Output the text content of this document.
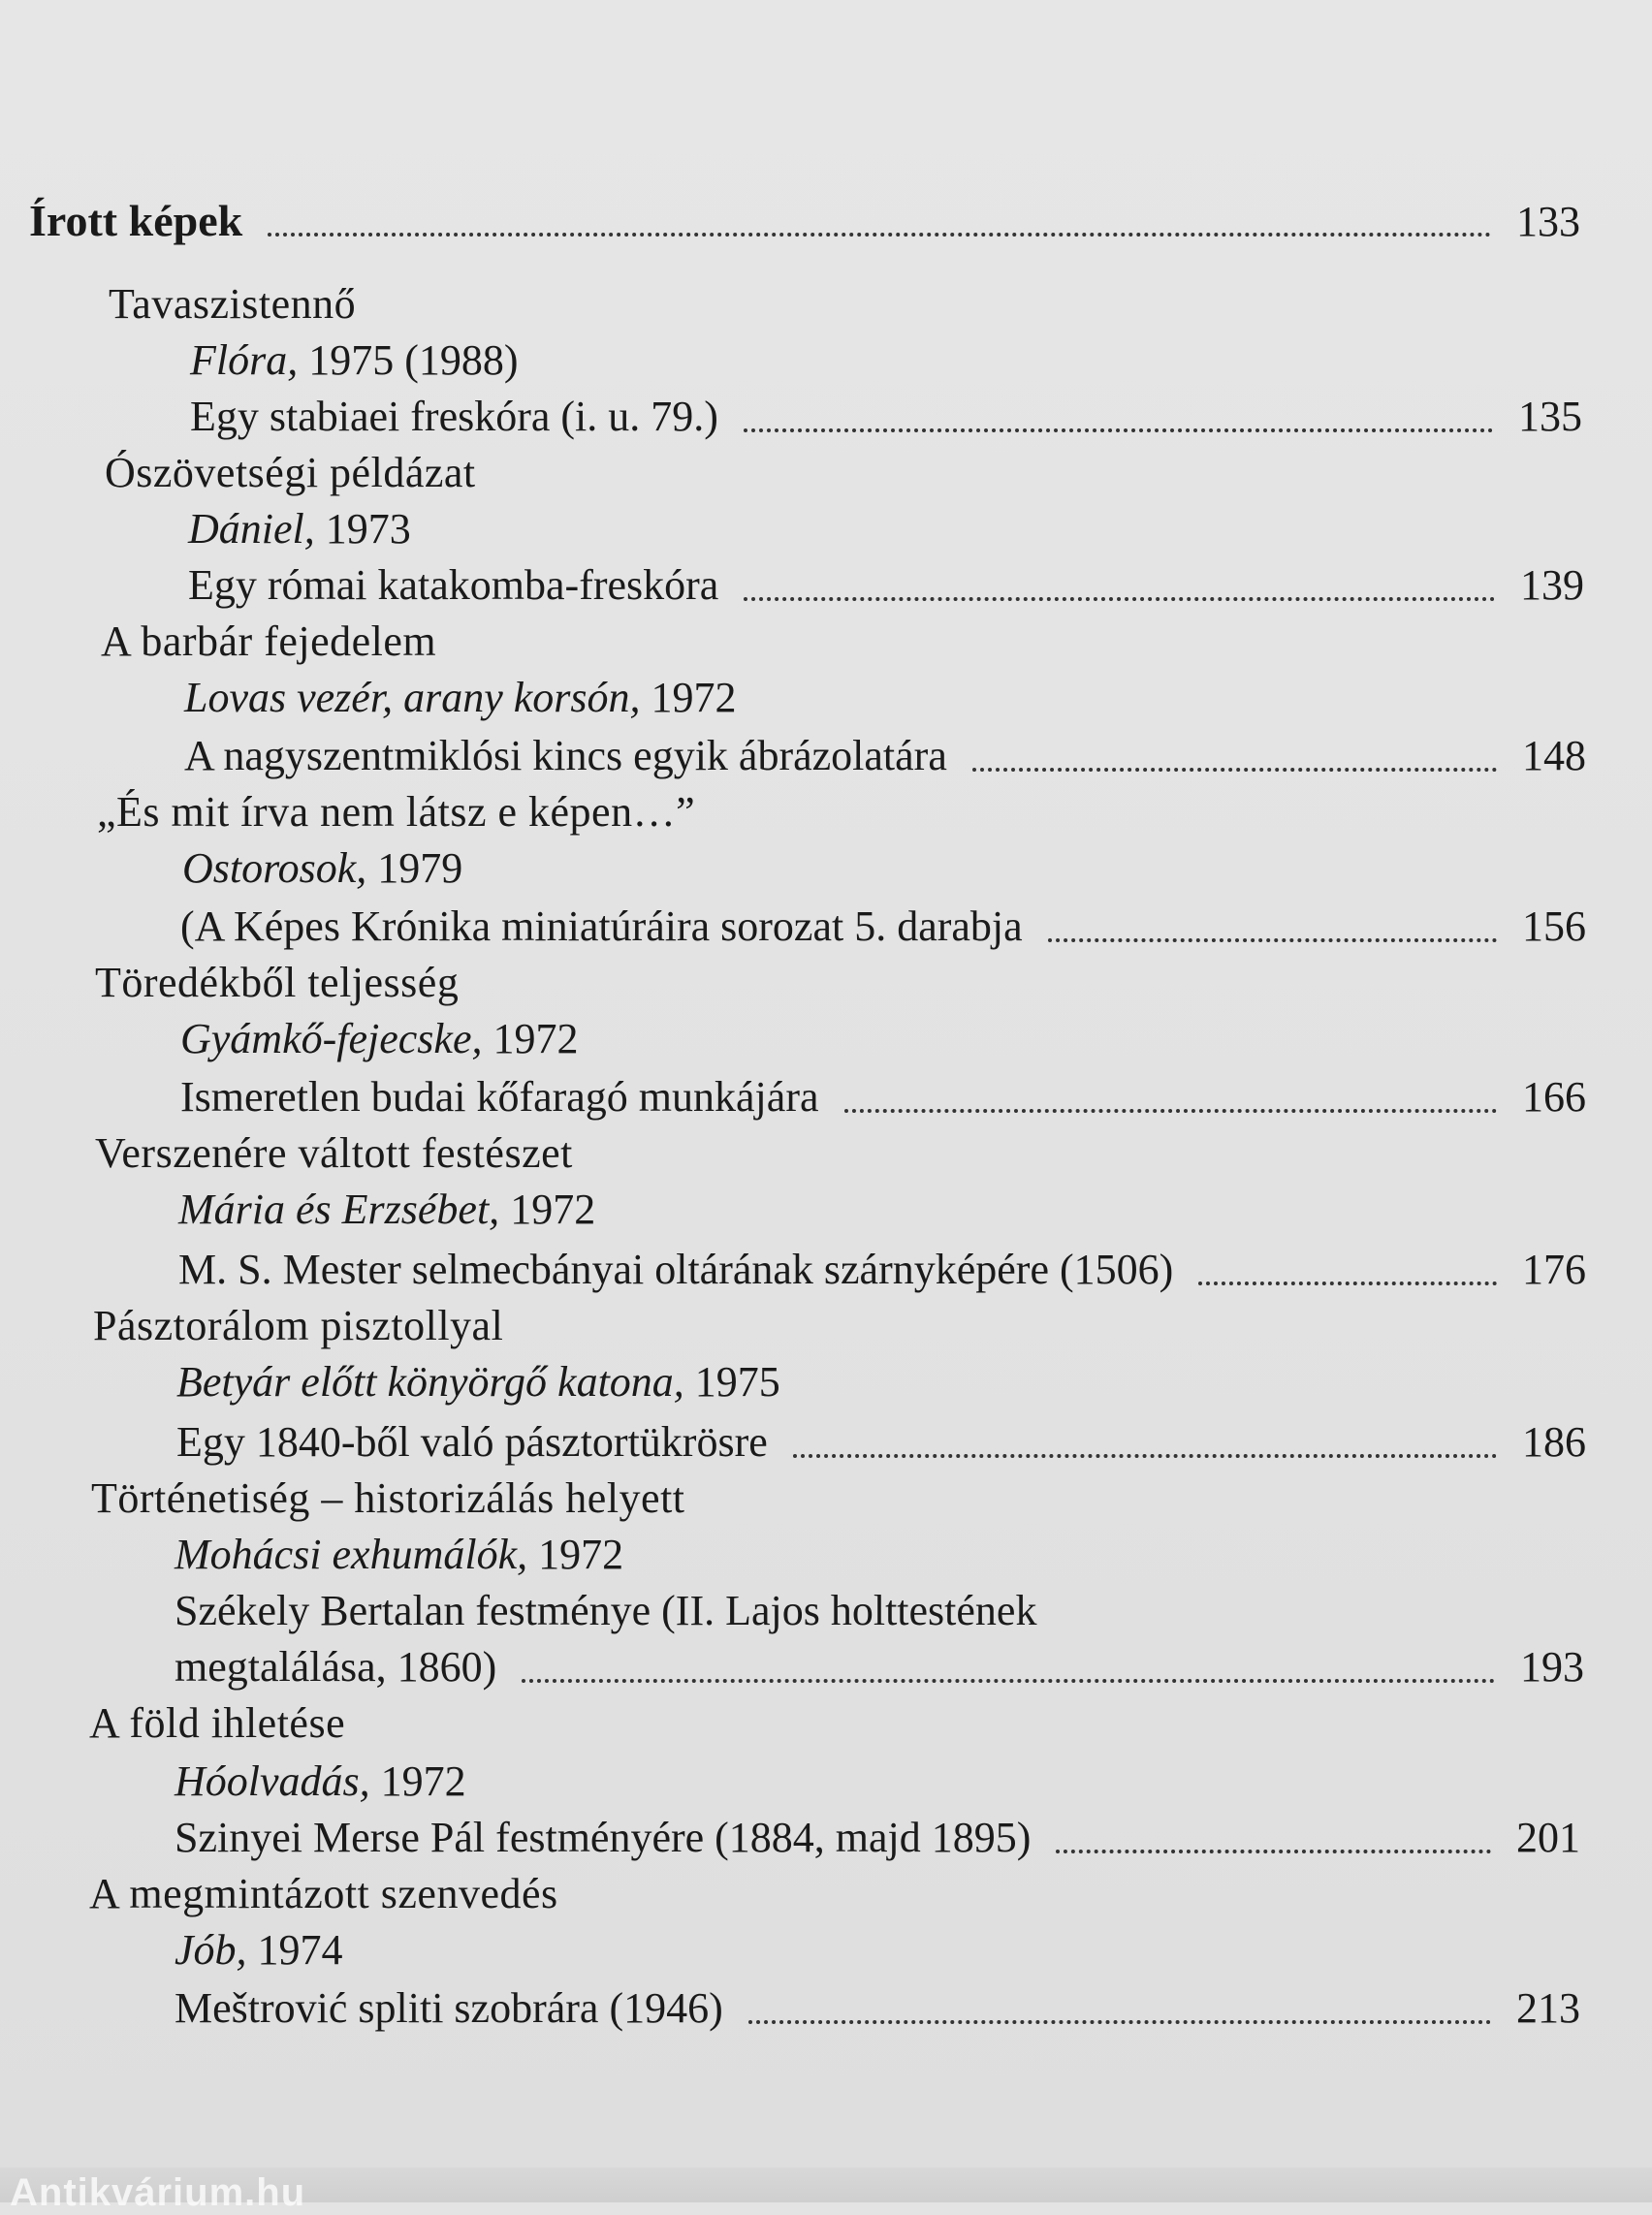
Írott képek	133
Tavaszistennő
Flóra,
1975 (1988)
Egy stabiaei freskóra (i. u. 79.)	135
Ószövetségi példázat
Dániel,
1973
Egy római katakomba-freskóra	139
A barbár fejedelem
Lovas vezér, arany korsón,
1972
A nagyszentmiklósi kincs egyik ábrázolatára	148
„És mit írva nem látsz e képen…”
Ostorosok,
1979
(A Képes Krónika miniatúráira sorozat 5. darabja	156
Töredékből teljesség
Gyámkő-fejecske,
1972
Ismeretlen budai kőfaragó munkájára	166
Verszenére váltott festészet
Mária és Erzsébet,
1972
M. S. Mester selmecbányai oltárának szárnyképére (1506)	176
Pásztorálom pisztollyal
Betyár előtt könyörgő katona,
1975
Egy 1840-ből való pásztortükrösre	186
Történetiség – historizálás helyett
Mohácsi exhumálók,
1972
Székely Bertalan festménye (II. Lajos holttestének
megtalálása, 1860)	193
A föld ihletése
Hóolvadás,
1972
Szinyei Merse Pál festményére (1884, majd 1895)	201
A megmintázott szenvedés
Jób,
1974
Meštrović spliti szobrára (1946)	213
Antikvárium.hu
